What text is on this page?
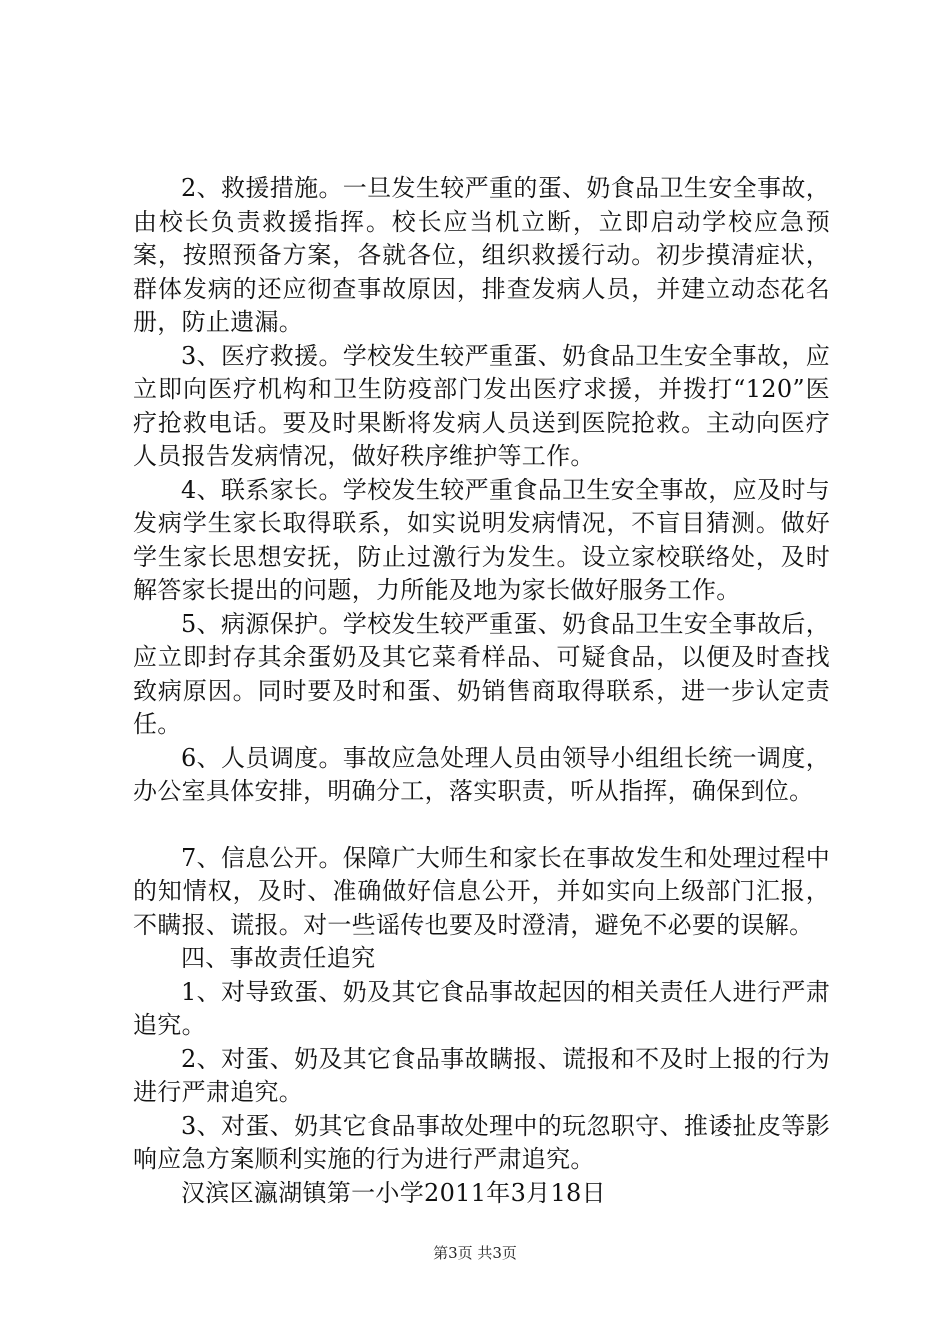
2、救援措施。一旦发生较严重的蛋、奶食品卫生安全事故，由校长负责救援指挥。校长应当机立断，立即启动学校应急预案，按照预备方案，各就各位，组织救援行动。初步摸清症状，群体发病的还应彻查事故原因，排查发病人员，并建立动态花名册，防止遗漏。

3、医疗救援。学校发生较严重蛋、奶食品卫生安全事故，应立即向医疗机构和卫生防疫部门发出医疗求援，并拨打“120”医疗抢救电话。要及时果断将发病人员送到医院抢救。主动向医疗人员报告发病情况，做好秩序维护等工作。

4、联系家长。学校发生较严重食品卫生安全事故，应及时与发病学生家长取得联系，如实说明发病情况，不盲目猜测。做好学生家长思想安抚，防止过激行为发生。设立家校联络处，及时解答家长提出的问题，力所能及地为家长做好服务工作。

5、病源保护。学校发生较严重蛋、奶食品卫生安全事故后，应立即封存其余蛋奶及其它菜肴样品、可疑食品，以便及时查找致病原因。同时要及时和蛋、奶销售商取得联系，进一步认定责任。

6、人员调度。事故应急处理人员由领导小组组长统一调度，办公室具体安排，明确分工，落实职责，听从指挥，确保到位。

7、信息公开。保障广大师生和家长在事故发生和处理过程中的知情权，及时、准确做好信息公开，并如实向上级部门汇报，不瞒报、谎报。对一些谣传也要及时澄清，避免不必要的误解。

四、事故责任追究

1、对导致蛋、奶及其它食品事故起因的相关责任人进行严肃追究。

2、对蛋、奶及其它食品事故瞒报、谎报和不及时上报的行为进行严肃追究。

3、对蛋、奶其它食品事故处理中的玩忽职守、推诿扯皮等影响应急方案顺利实施的行为进行严肃追究。

汉滨区瀛湖镇第一小学2011年3月18日

第3页 共3页
